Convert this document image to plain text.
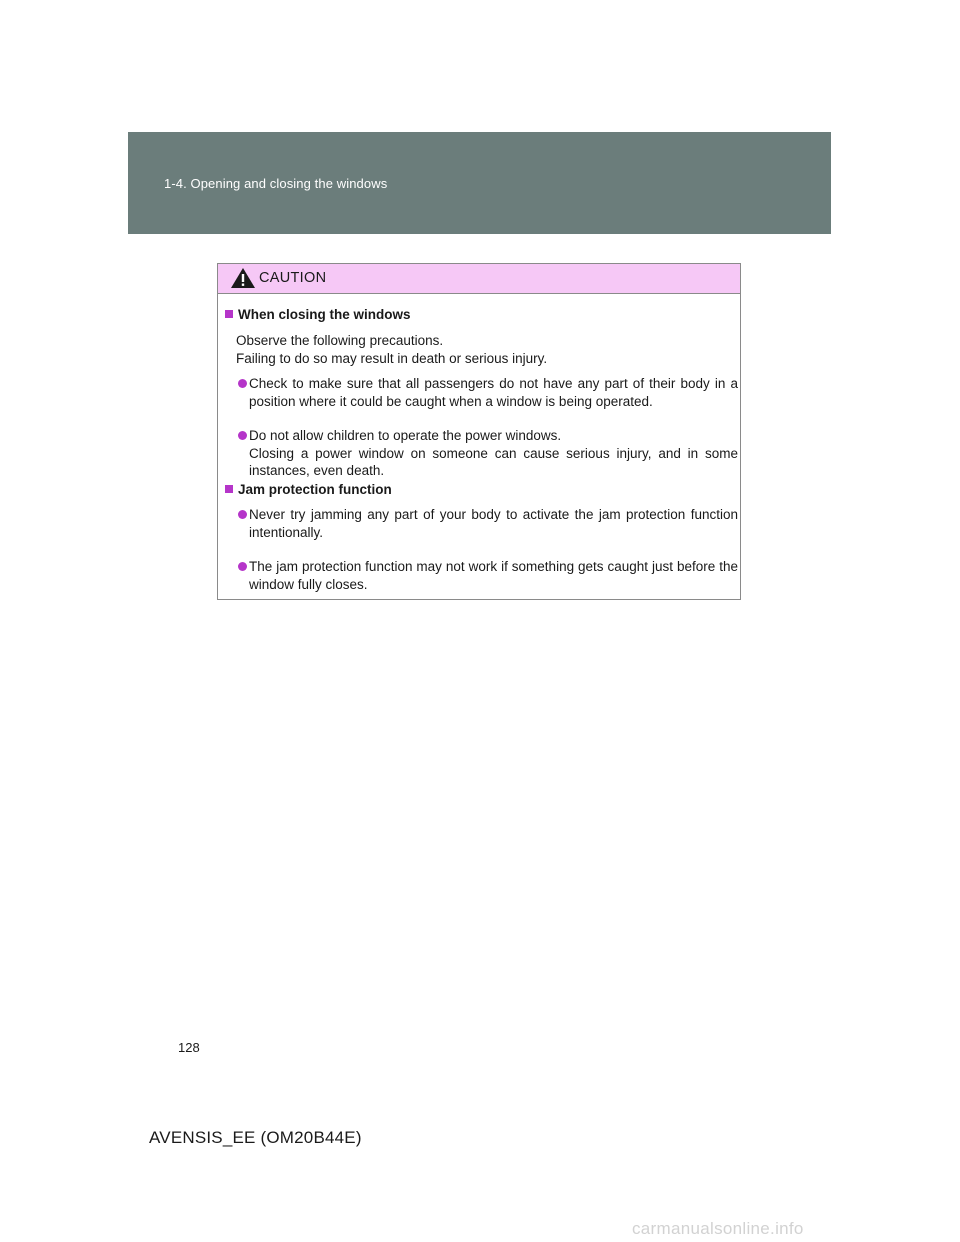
1-4. Opening and closing the windows
CAUTION
When closing the windows
Observe the following precautions.
Failing to do so may result in death or serious injury.
Check to make sure that all passengers do not have any part of their body in a position where it could be caught when a window is being operated.
Do not allow children to operate the power windows.
Closing a power window on someone can cause serious injury, and in some instances, even death.
Jam protection function
Never try jamming any part of your body to activate the jam protection function intentionally.
The jam protection function may not work if something gets caught just before the window fully closes.
128
AVENSIS_EE (OM20B44E)
carmanualsonline.info
